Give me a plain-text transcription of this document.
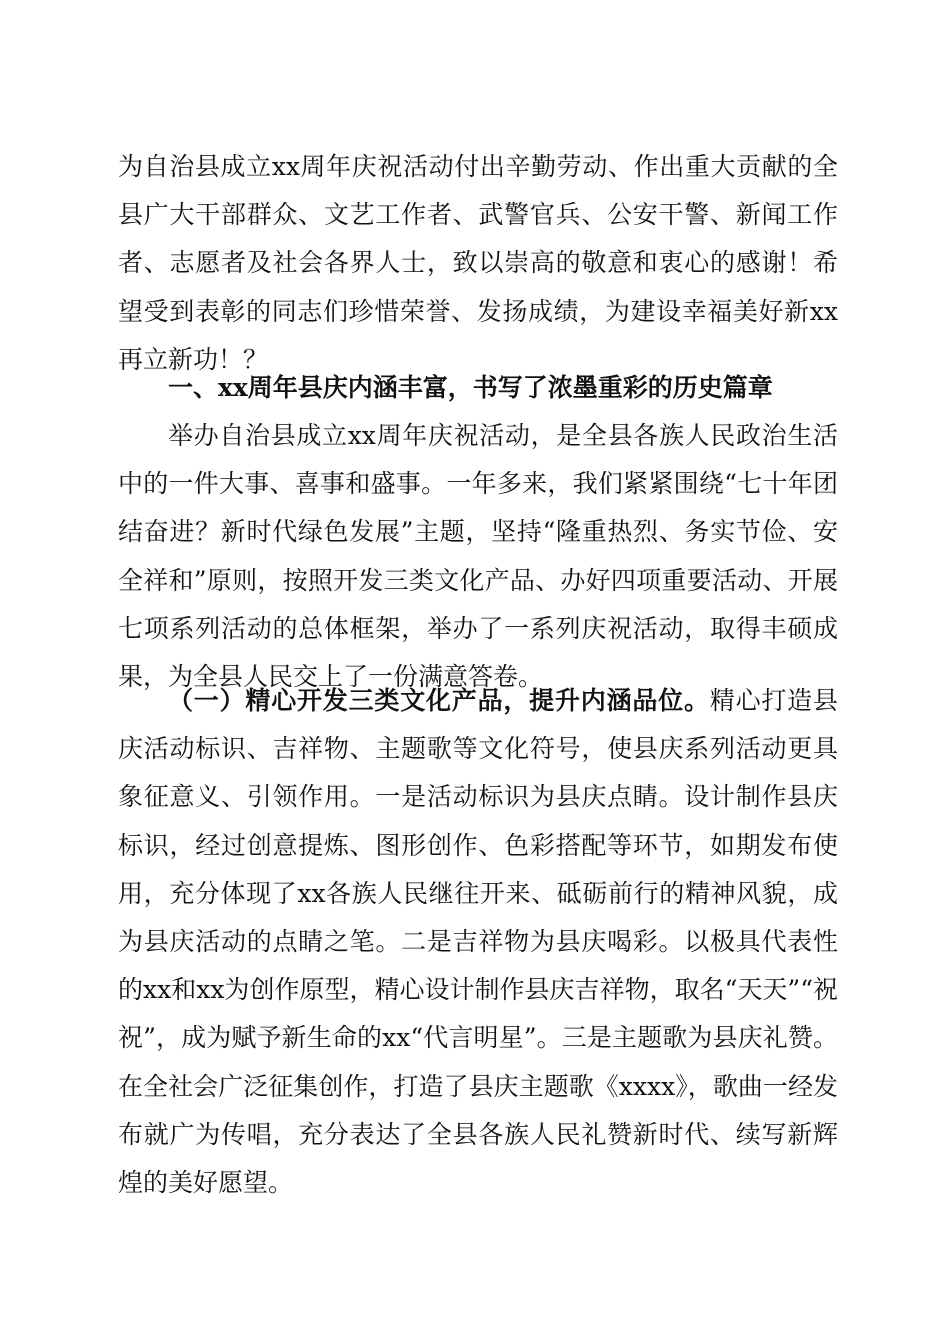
为自治县成立xx周年庆祝活动付出辛勤劳动、作出重大贡献的全县广大干部群众、文艺工作者、武警官兵、公安干警、新闻工作者、志愿者及社会各界人士，致以崇高的敬意和衷心的感谢！希望受到表彰的同志们珍惜荣誉、发扬成绩，为建设幸福美好新xx再立新功！？

一、xx周年县庆内涵丰富，书写了浓墨重彩的历史篇章

举办自治县成立xx周年庆祝活动，是全县各族人民政治生活中的一件大事、喜事和盛事。一年多来，我们紧紧围绕“七十年团结奋进？新时代绿色发展”主题，坚持“隆重热烈、务实节俭、安全祥和”原则，按照开发三类文化产品、办好四项重要活动、开展七项系列活动的总体框架，举办了一系列庆祝活动，取得丰硕成果，为全县人民交上了一份满意答卷。

（一）精心开发三类文化产品，提升内涵品位。精心打造县庆活动标识、吉祥物、主题歌等文化符号，使县庆系列活动更具象征意义、引领作用。一是活动标识为县庆点睛。设计制作县庆标识，经过创意提炼、图形创作、色彩搭配等环节，如期发布使用，充分体现了xx各族人民继往开来、砥砺前行的精神风貌，成为县庆活动的点睛之笔。二是吉祥物为县庆喝彩。以极具代表性的xx和xx为创作原型，精心设计制作县庆吉祥物，取名“天天”“祝祝”，成为赋予新生命的xx“代言明星”。三是主题歌为县庆礼赞。在全社会广泛征集创作，打造了县庆主题歌《xxxx》，歌曲一经发布就广为传唱，充分表达了全县各族人民礼赞新时代、续写新辉煌的美好愿望。
